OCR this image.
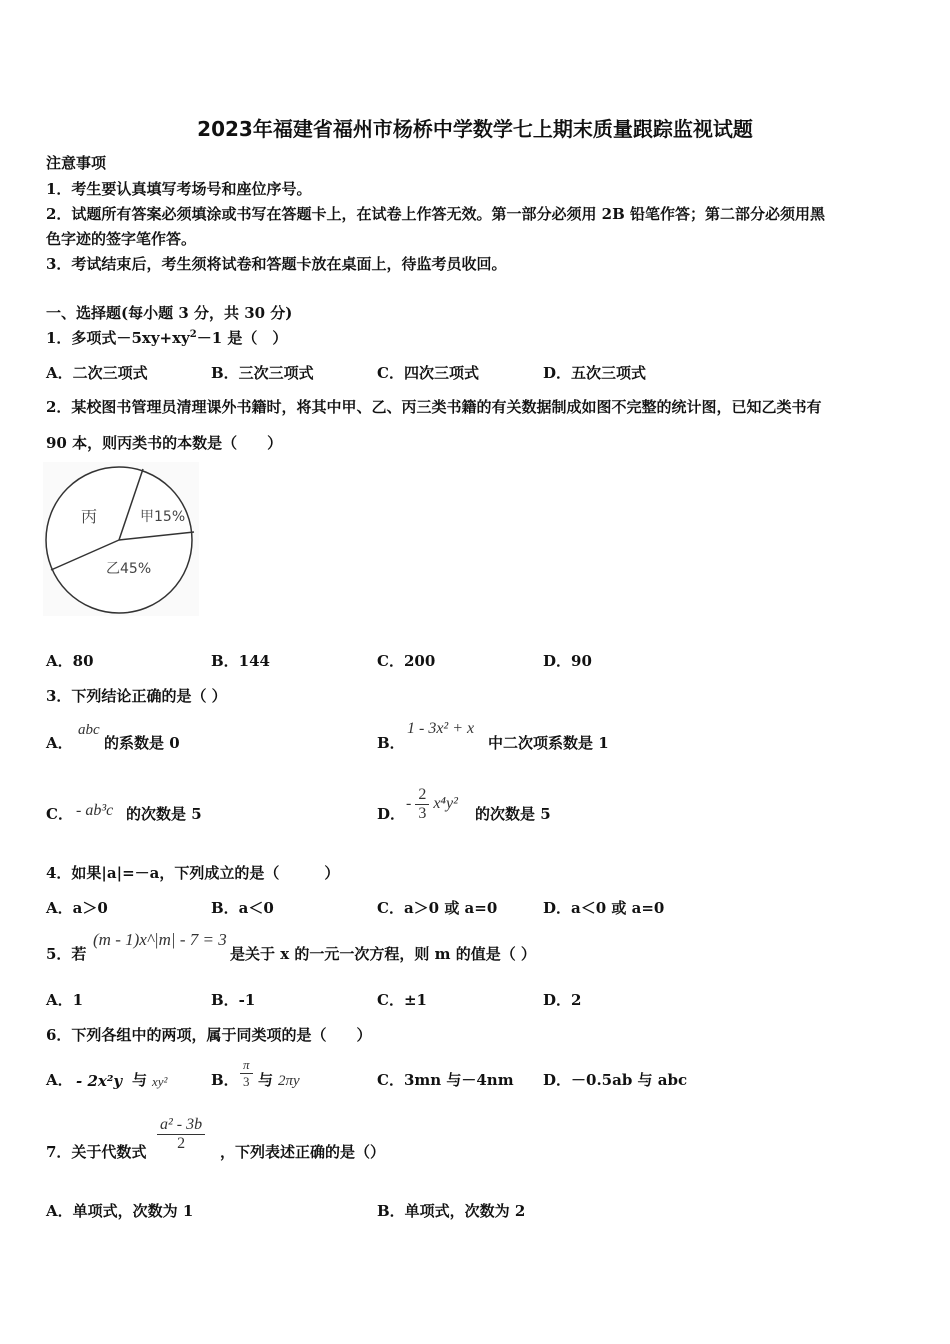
2023年福建省福州市杨桥中学数学七上期末质量跟踪监视试题
注意事项
1．考生要认真填写考场号和座位序号。
2．试题所有答案必须填涂或书写在答题卡上，在试卷上作答无效。第一部分必须用 2B 铅笔作答；第二部分必须用黑
色字迹的签字笔作答。
3．考试结束后，考生须将试卷和答题卡放在桌面上，待监考员收回。
一、选择题(每小题 3 分，共 30 分)
1．多项式$-5xy+xy^2-1$ 是（　）
A．二次三项式	B．三次三项式	C．四次三项式	D．五次三项式
2．某校图书管理员清理课外书籍时，将其中甲、乙、丙三类书籍的有关数据制成如图不完整的统计图，已知乙类书有
90 本，则丙类书的本数是（　　）
丙	甲15%
乙45%
A．80	B．144	C．200	D．90
3．下列结论正确的是（ ）
A．
abc
的系数是 0	B．
1 - 3x² + x
中二次项系数是 1
C． - ab³c 的次数是 5	D．
- $\frac{2}{3} x^4y^2$
的次数是 5
4．如果|a|=－a，下列成立的是（　　　）
A．a＞0	B．a＜0	C．a＞0 或 a=0	D．a＜0 或 a=0
5．若
(m - 1)x^|m| - 7 = 3
是关于 x 的一元一次方程，则 m 的值是（ ）
A．1	B．-1	C．±1	D．2
6．下列各组中的两项，属于同类项的是（　　）
A． - 2x²y 与 xy²	B． $\frac{\pi}{3}$ 与 2πy	C．3mn 与－4nm D．－0.5ab 与 abc
7．关于代数式 $\frac{\text{a² - 3b}}{2}$ ，下列表述正确的是（）
A．单项式，次数为 1	B．单项式，次数为 2
